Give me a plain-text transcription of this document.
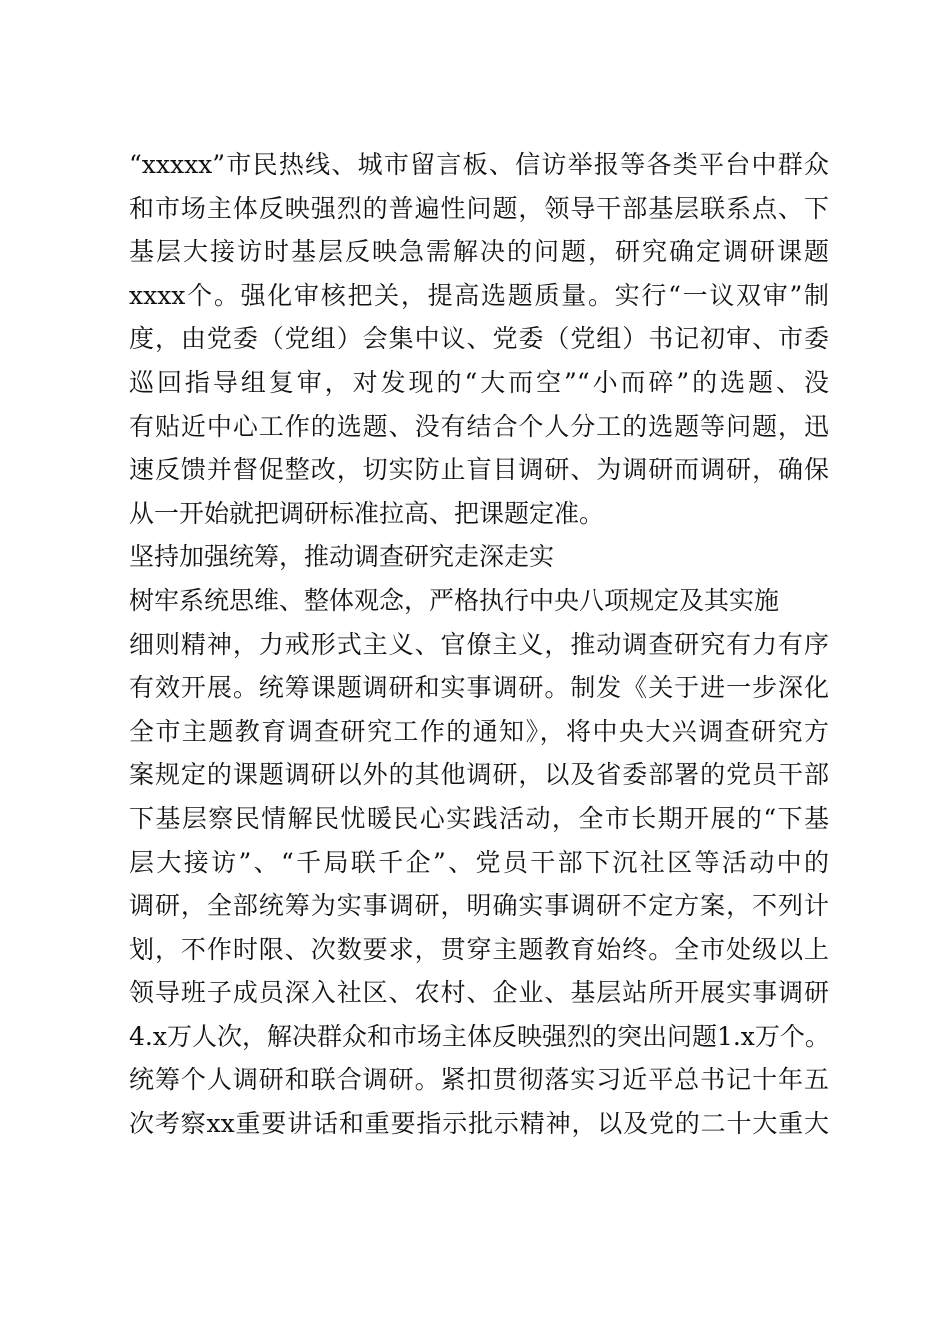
“xxxxx”市民热线、城市留言板、信访举报等各类平台中群众
和市场主体反映强烈的普遍性问题，领导干部基层联系点、下
基层大接访时基层反映急需解决的问题，研究确定调研课题
xxxx个。强化审核把关，提高选题质量。实行“一议双审”制
度，由党委（党组）会集中议、党委（党组）书记初审、市委
巡回指导组复审，对发现的“大而空”“小而碎”的选题、没
有贴近中心工作的选题、没有结合个人分工的选题等问题，迅
速反馈并督促整改，切实防止盲目调研、为调研而调研，确保
从一开始就把调研标准拉高、把课题定准。
坚持加强统筹，推动调查研究走深走实
树牢系统思维、整体观念，严格执行中央八项规定及其实施
细则精神，力戒形式主义、官僚主义，推动调查研究有力有序
有效开展。统筹课题调研和实事调研。制发《关于进一步深化
全市主题教育调查研究工作的通知》，将中央大兴调查研究方
案规定的课题调研以外的其他调研，以及省委部署的党员干部
下基层察民情解民忧暖民心实践活动，全市长期开展的“下基
层大接访”、“千局联千企”、党员干部下沉社区等活动中的
调研，全部统筹为实事调研，明确实事调研不定方案，不列计
划，不作时限、次数要求，贯穿主题教育始终。全市处级以上
领导班子成员深入社区、农村、企业、基层站所开展实事调研
4.x万人次，解决群众和市场主体反映强烈的突出问题1.x万个。
统筹个人调研和联合调研。紧扣贯彻落实习近平总书记十年五
次考察xx重要讲话和重要指示批示精神，以及党的二十大重大
